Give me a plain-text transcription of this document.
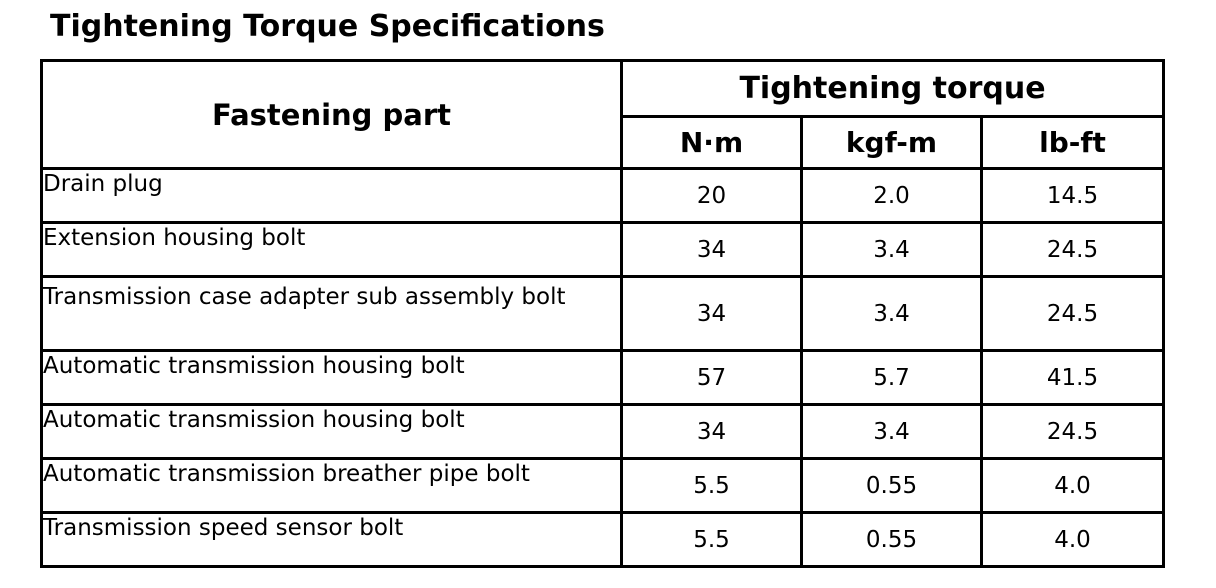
Tightening Torque Specifications
Fastening part	Tightening torque		
	N·m	kgf-m	lb-ft
Drain plug	20	2.0	14.5
Extension housing bolt	34	3.4	24.5
Transmission case adapter sub assembly bolt	34	3.4	24.5
Automatic transmission housing bolt	57	5.7	41.5
Automatic transmission housing bolt	34	3.4	24.5
Automatic transmission breather pipe bolt	5.5	0.55	4.0
Transmission speed sensor bolt	5.5	0.55	4.0
